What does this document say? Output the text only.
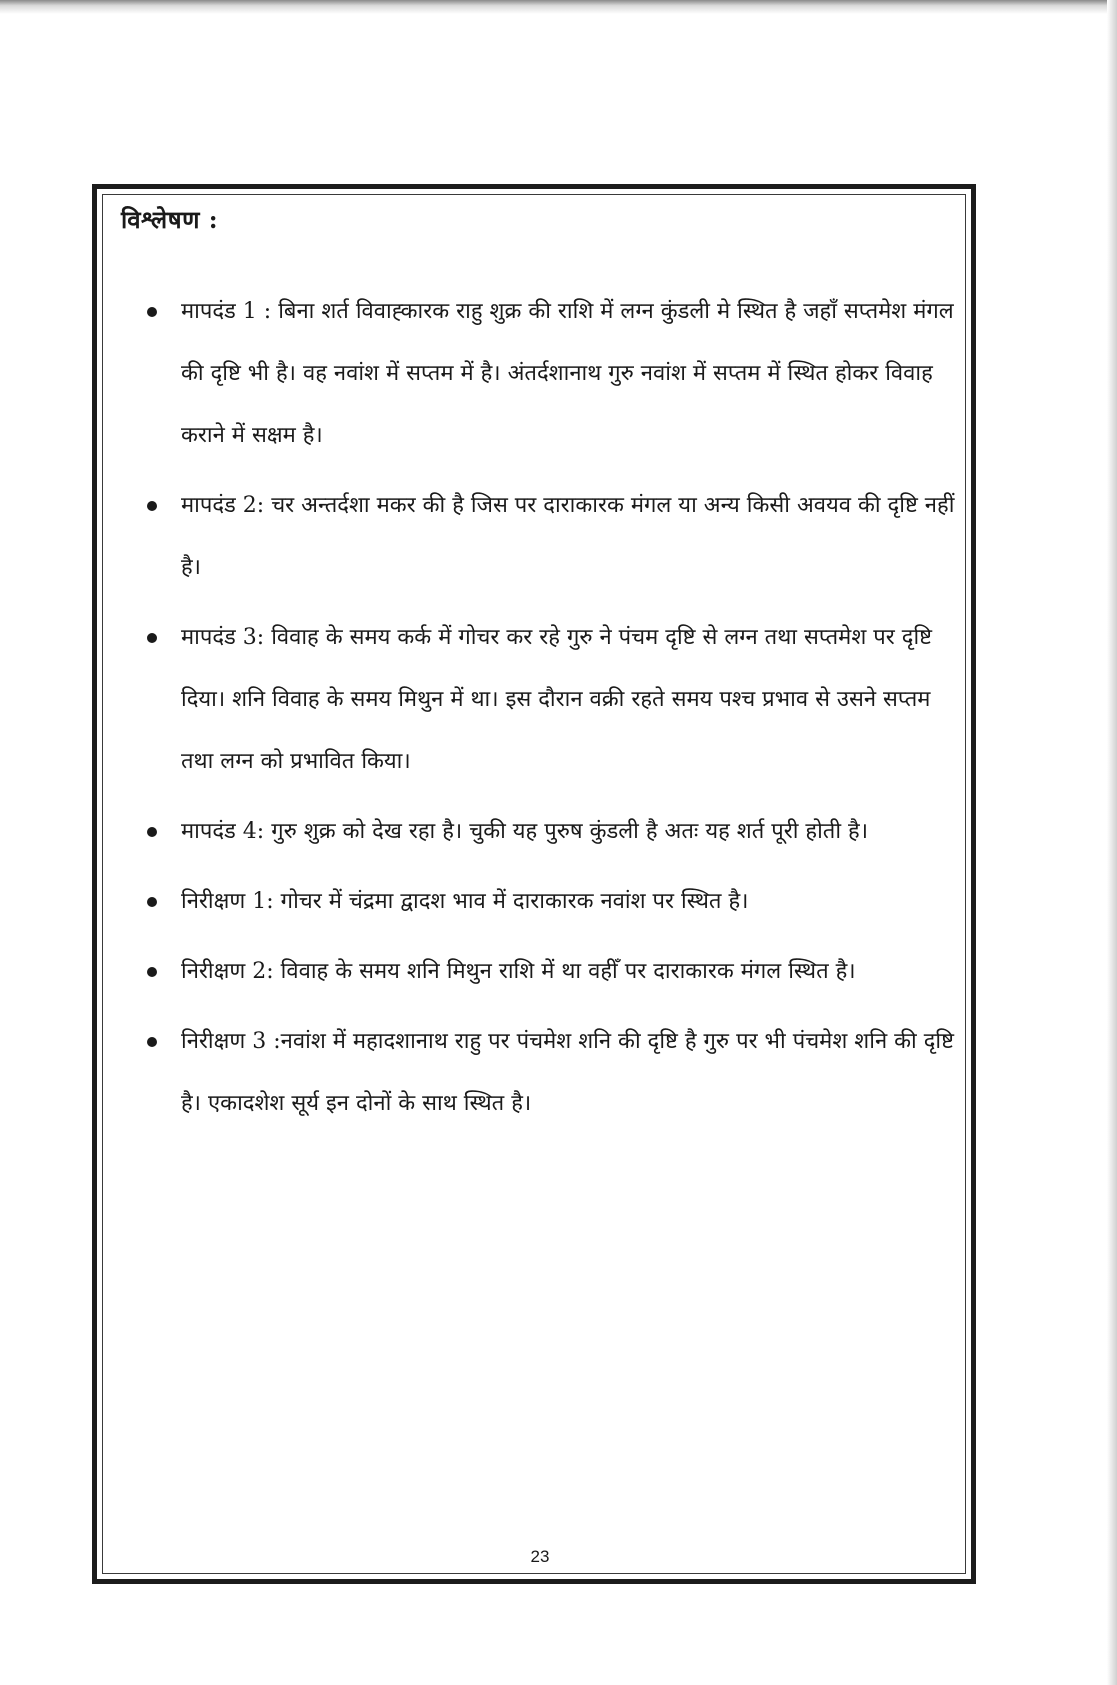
विश्लेषण :
मापदंड 1 : बिना शर्त विवाह्कारक राहु शुक्र की राशि में लग्न कुंडली मे स्थित है जहाँ सप्तमेश मंगल की दृष्टि भी है। वह नवांश में सप्तम में है। अंतर्दशानाथ गुरु नवांश में सप्तम में स्थित होकर विवाह कराने में सक्षम है।
मापदंड 2: चर अन्तर्दशा मकर की है जिस पर दाराकारक मंगल या अन्य किसी अवयव की दृष्टि नहीं है।
मापदंड 3: विवाह के समय कर्क में गोचर कर रहे गुरु ने पंचम दृष्टि से लग्न तथा सप्तमेश पर दृष्टि दिया। शनि विवाह के समय मिथुन में था। इस दौरान वक्री रहते समय पश्च प्रभाव से उसने सप्तम तथा लग्न को प्रभावित किया।
मापदंड 4: गुरु शुक्र को देख रहा है। चुकी यह पुरुष कुंडली है अतः यह शर्त पूरी होती है।
निरीक्षण 1: गोचर में चंद्रमा द्वादश भाव में दाराकारक नवांश पर स्थित है।
निरीक्षण 2: विवाह के समय शनि मिथुन राशि में था वहीँ पर दाराकारक मंगल स्थित है।
निरीक्षण 3 :नवांश में महादशानाथ राहु पर पंचमेश शनि की दृष्टि है गुरु पर भी पंचमेश शनि की दृष्टि है। एकादशेश सूर्य इन दोनों के साथ स्थित है।
23
